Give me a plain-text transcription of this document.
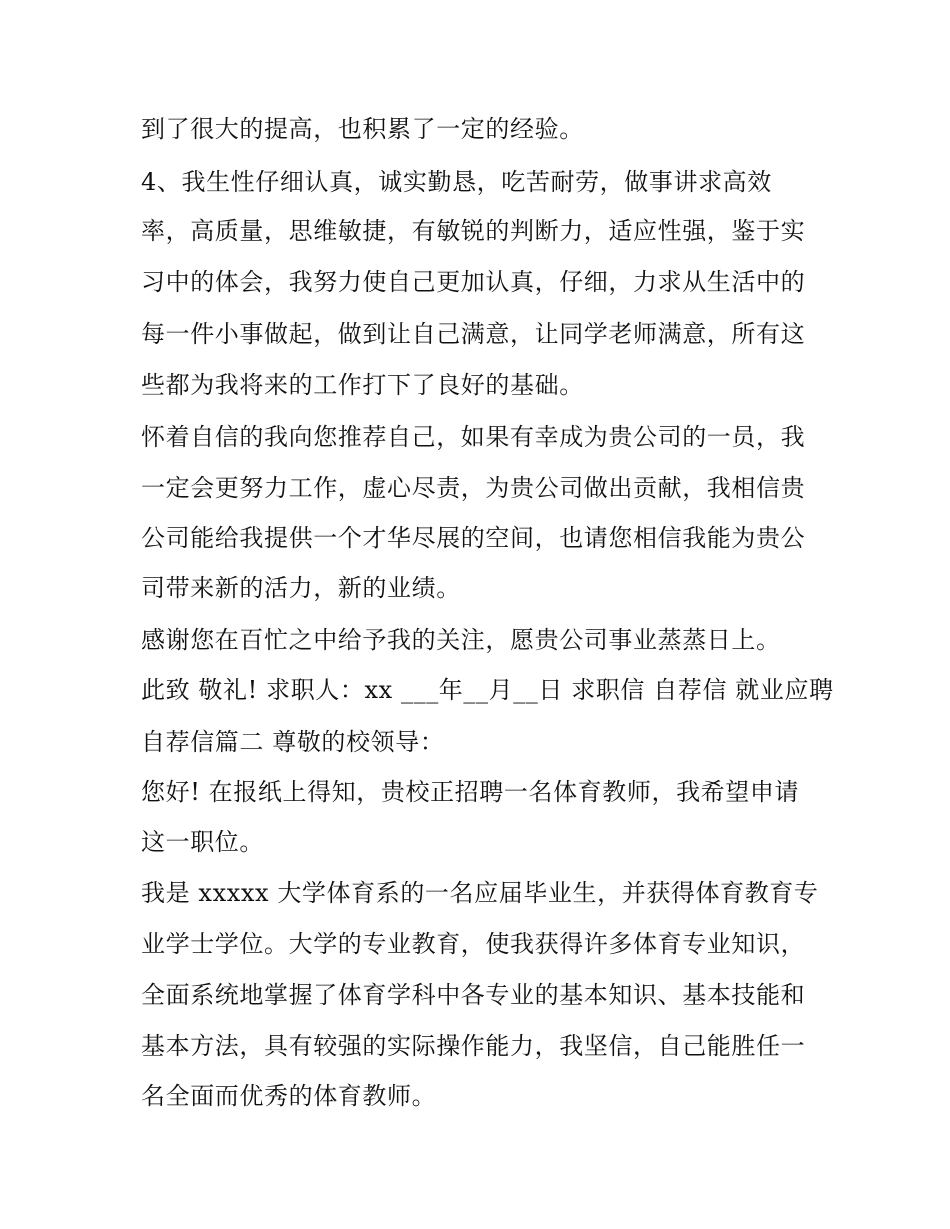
到了很大的提高，也积累了一定的经验。
4、我生性仔细认真，诚实勤恳，吃苦耐劳，做事讲求高效
率，高质量，思维敏捷，有敏锐的判断力，适应性强，鉴于实
习中的体会，我努力使自己更加认真，仔细，力求从生活中的
每一件小事做起，做到让自己满意，让同学老师满意，所有这
些都为我将来的工作打下了良好的基础。
怀着自信的我向您推荐自己，如果有幸成为贵公司的一员，我
一定会更努力工作，虚心尽责，为贵公司做出贡献，我相信贵
公司能给我提供一个才华尽展的空间，也请您相信我能为贵公
司带来新的活力，新的业绩。
感谢您在百忙之中给予我的关注，愿贵公司事业蒸蒸日上。
此致 敬礼! 求职人：xx ___年__月__日 求职信 自荐信 就业应聘
自荐信篇二 尊敬的校领导：
您好! 在报纸上得知，贵校正招聘一名体育教师，我希望申请
这一职位。
我是 xxxxx 大学体育系的一名应届毕业生，并获得体育教育专
业学士学位。大学的专业教育，使我获得许多体育专业知识，
全面系统地掌握了体育学科中各专业的基本知识、基本技能和
基本方法，具有较强的实际操作能力，我坚信，自己能胜任一
名全面而优秀的体育教师。
